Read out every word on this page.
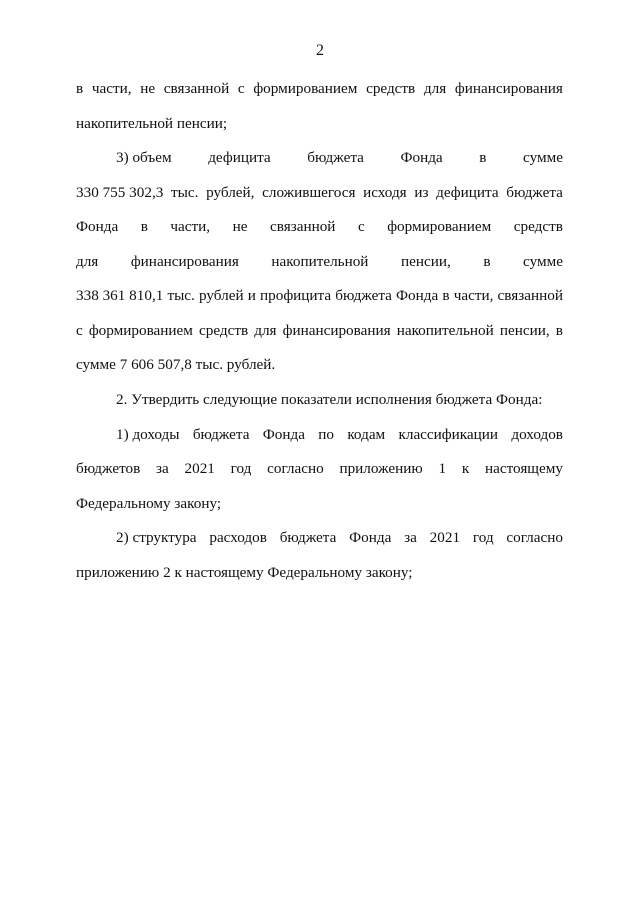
2
в части, не связанной с формированием средств для финансирования
накопительной пенсии;
3) объем дефицита бюджета Фонда в сумме
330 755 302,3 тыс. рублей, сложившегося исходя из дефицита бюджета
Фонда в части, не связанной с формированием средств
для финансирования накопительной пенсии, в сумме
338 361 810,1 тыс. рублей и профицита бюджета Фонда в части, связанной
с формированием средств для финансирования накопительной пенсии, в
сумме 7 606 507,8 тыс. рублей.
2. Утвердить следующие показатели исполнения бюджета Фонда:
1) доходы бюджета Фонда по кодам классификации доходов
бюджетов за 2021 год согласно приложению 1 к настоящему
Федеральному закону;
2) структура расходов бюджета Фонда за 2021 год согласно
приложению 2 к настоящему Федеральному закону;
